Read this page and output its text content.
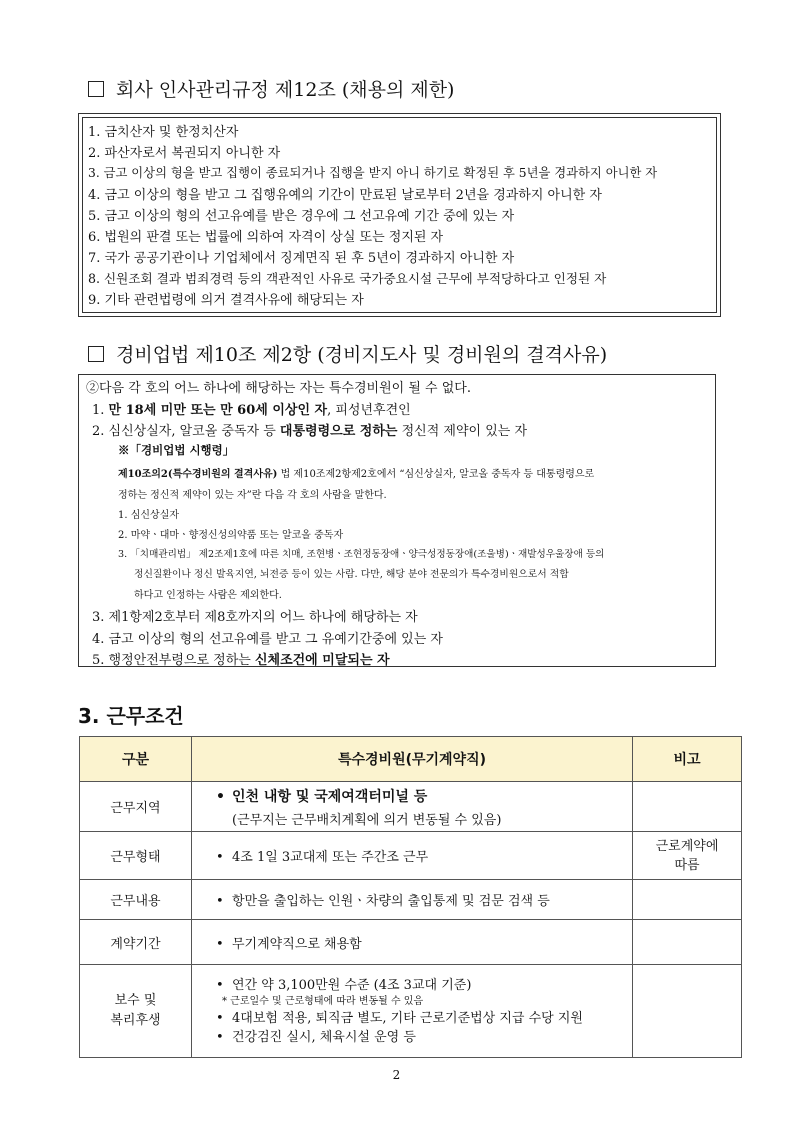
회사 인사관리규정 제12조 (채용의 제한)
1. 금치산자 및 한정치산자
2. 파산자로서 복권되지 아니한 자
3. 금고 이상의 형을 받고 집행이 종료되거나 집행을 받지 아니 하기로 확정된 후 5년을 경과하지 아니한 자
4. 금고 이상의 형을 받고 그 집행유예의 기간이 만료된 날로부터 2년을 경과하지 아니한 자
5. 금고 이상의 형의 선고유예를 받은 경우에 그 선고유예 기간 중에 있는 자
6. 법원의 판결 또는 법률에 의하여 자격이 상실 또는 정지된 자
7. 국가 공공기관이나 기업체에서 징계면직 된 후 5년이 경과하지 아니한 자
8. 신원조회 결과 범죄경력 등의 객관적인 사유로 국가중요시설 근무에 부적당하다고 인정된 자
9. 기타 관련법령에 의거 결격사유에 해당되는 자
경비업법 제10조 제2항 (경비지도사 및 경비원의 결격사유)
②다음 각 호의 어느 하나에 해당하는 자는 특수경비원이 될 수 없다.
1. 만 18세 미만 또는 만 60세 이상인 자, 피성년후견인
2. 심신상실자, 알코올 중독자 등 대통령령으로 정하는 정신적 제약이 있는 자
※「경비업법 시행령」
제10조의2(특수경비원의 결격사유) 법 제10조제2항제2호에서 “심신상실자, 알코올 중독자 등 대통령령으로
정하는 정신적 제약이 있는 자”란 다음 각 호의 사람을 말한다.
1. 심신상실자
2. 마약ㆍ대마ㆍ향정신성의약품 또는 알코올 중독자
3. 「치매관리법」 제2조제1호에 따른 치매, 조현병ㆍ조현정동장애ㆍ양극성정동장애(조울병)ㆍ재발성우울장애 등의
정신질환이나 정신 발육지연, 뇌전증 등이 있는 사람. 다만, 해당 분야 전문의가 특수경비원으로서 적합
하다고 인정하는 사람은 제외한다.
3. 제1항제2호부터 제8호까지의 어느 하나에 해당하는 자
4. 금고 이상의 형의 선고유예를 받고 그 유예기간중에 있는 자
5. 행정안전부령으로 정하는 신체조건에 미달되는 자
3. 근무조건
구분	특수경비원(무기계약직)	비고
근무지역	• 인천 내항 및 국제여객터미널 등
(근무지는 근무배치계획에 의거 변동될 수 있음)	

근무형태	• 4조 1일 3교대제 또는 주간조 근무	근로계약에
따름

근무내용	• 항만을 출입하는 인원ㆍ차량의 출입통제 및 검문 검색 등	

계약기간	• 무기계약직으로 채용함	

보수 및
복리후생	• 연간 약 3,100만원 수준 (4조 3교대 기준)
* 근로일수 및 근로형태에 따라 변동될 수 있음
• 4대보험 적용, 퇴직금 별도, 기타 근로기준법상 지급 수당 지원
• 건강검진 실시, 체육시설 운영 등	

2
